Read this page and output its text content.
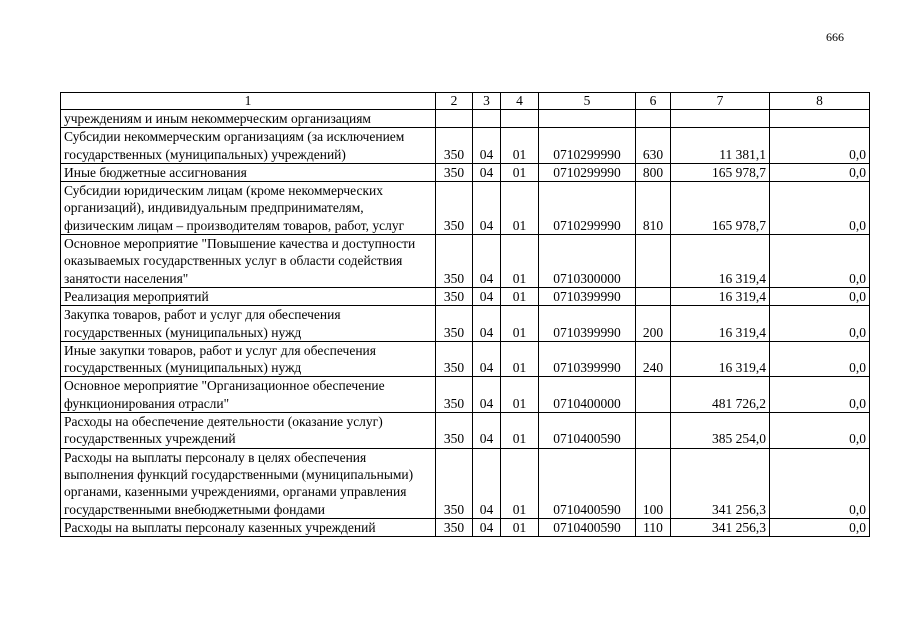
666
1	2	3	4	5	6	7	8
учреждениям и иным некоммерческим организациям							
Субсидии некоммерческим организациям (за исключением государственных (муниципальных) учреждений)	350	04	01	0710299990	630	11 381,1	0,0
Иные бюджетные ассигнования	350	04	01	0710299990	800	165 978,7	0,0
Субсидии юридическим лицам (кроме некоммерческих организаций), индивидуальным предпринимателям, физическим лицам – производителям товаров, работ, услуг	350	04	01	0710299990	810	165 978,7	0,0
Основное мероприятие "Повышение качества и доступности оказываемых государственных услуг в области содействия занятости населения"	350	04	01	0710300000		16 319,4	0,0
Реализация мероприятий	350	04	01	0710399990		16 319,4	0,0
Закупка товаров, работ и услуг для обеспечения государственных (муниципальных) нужд	350	04	01	0710399990	200	16 319,4	0,0
Иные закупки товаров, работ и услуг для обеспечения государственных (муниципальных) нужд	350	04	01	0710399990	240	16 319,4	0,0
Основное мероприятие "Организационное обеспечение функционирования отрасли"	350	04	01	0710400000		481 726,2	0,0
Расходы на обеспечение деятельности (оказание услуг) государственных учреждений	350	04	01	0710400590		385 254,0	0,0
Расходы на выплаты персоналу в целях обеспечения выполнения функций государственными (муниципальными) органами, казенными учреждениями, органами управления государственными внебюджетными фондами	350	04	01	0710400590	100	341 256,3	0,0
Расходы на выплаты персоналу казенных учреждений	350	04	01	0710400590	110	341 256,3	0,0
